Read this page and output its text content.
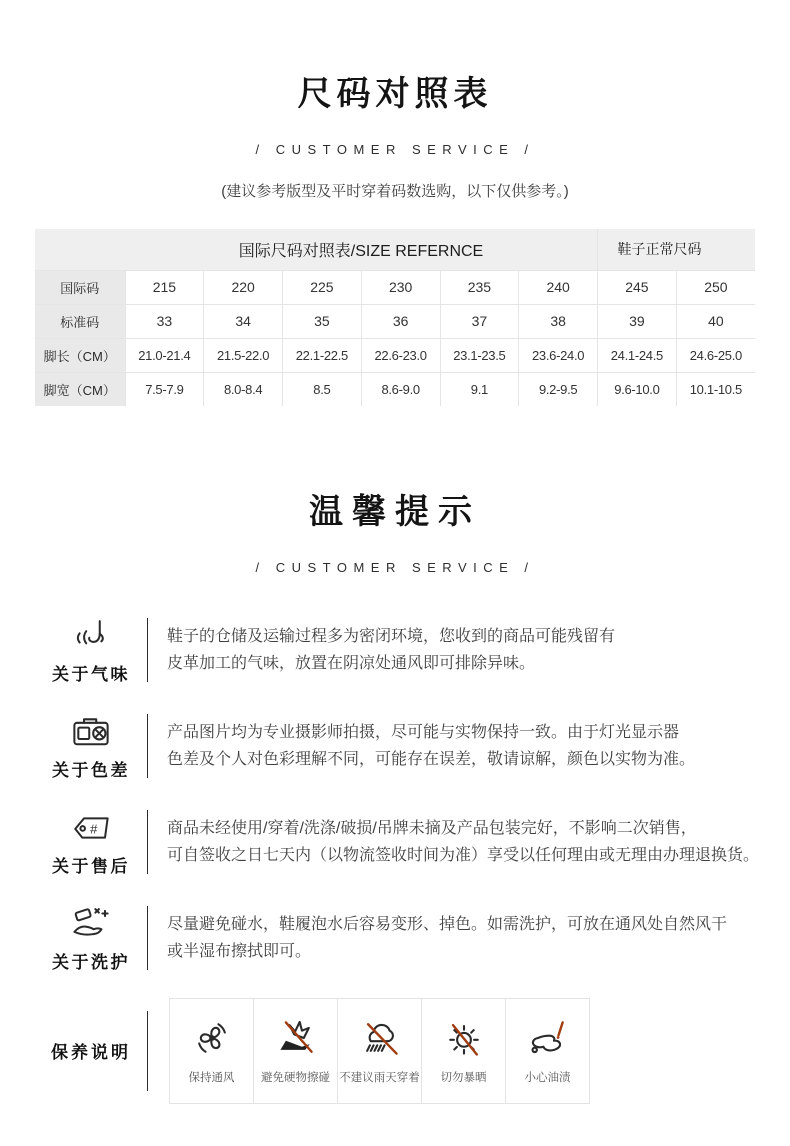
尺码对照表
/ CUSTOMER SERVICE /

(建议参考版型及平时穿着码数选购，以下仅供参考。)

国际尺码对照表/SIZE REFERNCE							鞋子正常尺码	
国际码	215	220	225	230	235	240	245	250
标准码	33	34	35	36	37	38	39	40
脚长（CM）	21.0-21.4	21.5-22.0	22.1-22.5	22.6-23.0	23.1-23.5	23.6-24.0	24.1-24.5	24.6-25.0
脚宽（CM）	7.5-7.9	8.0-8.4	8.5	8.6-9.0	9.1	9.2-9.5	9.6-10.0	10.1-10.5
温馨提示
/ CUSTOMER SERVICE /
关于气味
鞋子的仓储及运输过程多为密闭环境，您收到的商品可能残留有
皮革加工的气味，放置在阴凉处通风即可排除异味。
关于色差
产品图片均为专业摄影师拍摄，尽可能与实物保持一致。由于灯光显示器
色差及个人对色彩理解不同，可能存在误差，敬请谅解，颜色以实物为准。
#
关于售后
商品未经使用/穿着/洗涤/破损/吊牌未摘及产品包装完好，不影响二次销售，
可自签收之日七天内（以物流签收时间为准）享受以任何理由或无理由办理退换货。
关于洗护
尽量避免碰水，鞋履泡水后容易变形、掉色。如需洗护，可放在通风处自然风干
或半湿布擦拭即可。
保养说明
保持通风 避免硬物擦碰 不建议雨天穿着 切勿暴晒	小心油渍
